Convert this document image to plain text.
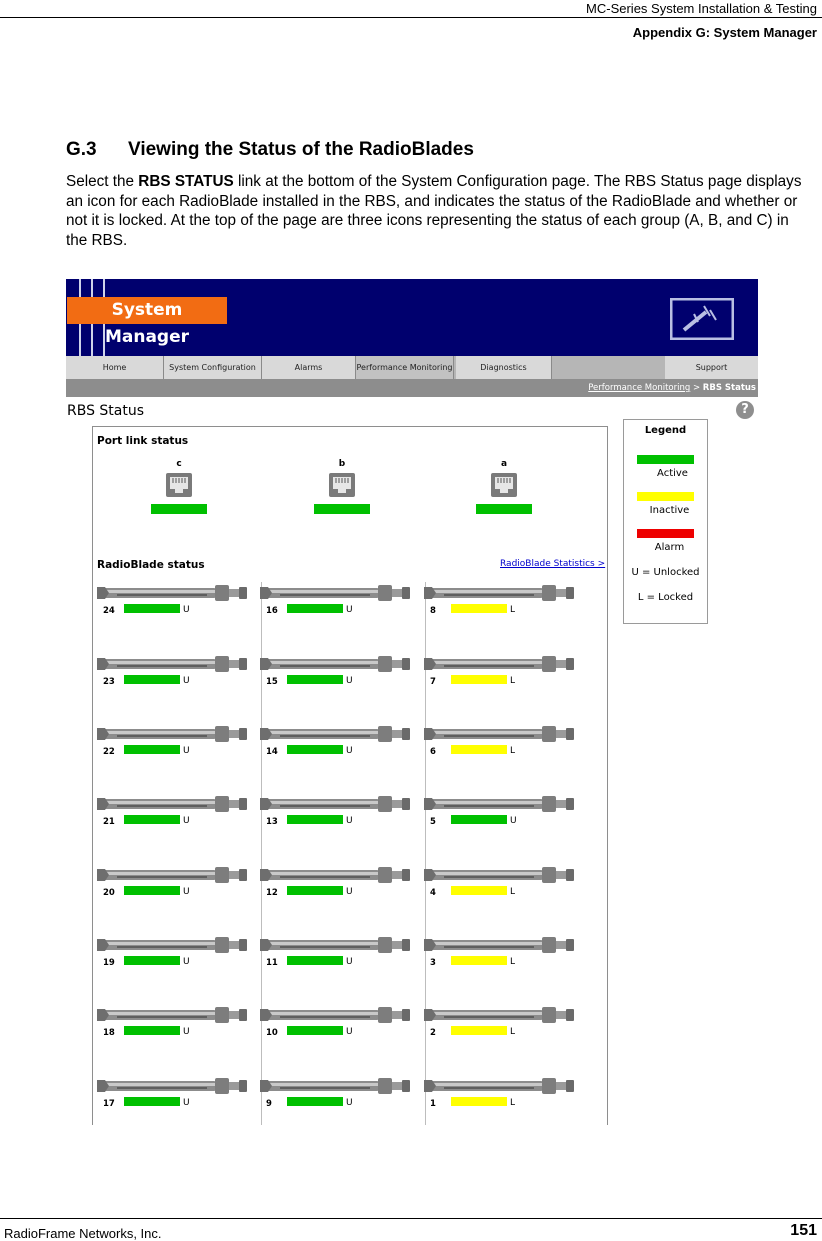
MC-Series System Installation & Testing
Appendix G: System Manager
G.3 Viewing the Status of the RadioBlades
Select the RBS STATUS link at the bottom of the System Configuration page. The RBS Status page displays an icon for each RadioBlade installed in the RBS, and indicates the status of the RadioBlade and whether or not it is locked. At the top of the page are three icons representing the status of each group (A, B, and C) in the RBS.
System Manager
Home	System Configuration	Alarms	Performance Monitoring	Diagnostics	Support
Performance Monitoring > RBS Status
RBS Status	?
Port link status
c	b	a
RadioBlade status	RadioBlade Statistics >
24	U
23	U
22	U
21	U
20	U
19	U
18	U
17	U
16	U
15	U
14	U
13	U
12	U
11	U
10	U
9	U
8	L
7	L
6	L
5	U
4	L
3	L
2	L
1	L
Legend
Active
Inactive
Alarm
U = Unlocked
L = Locked
RadioFrame Networks, Inc.	151
